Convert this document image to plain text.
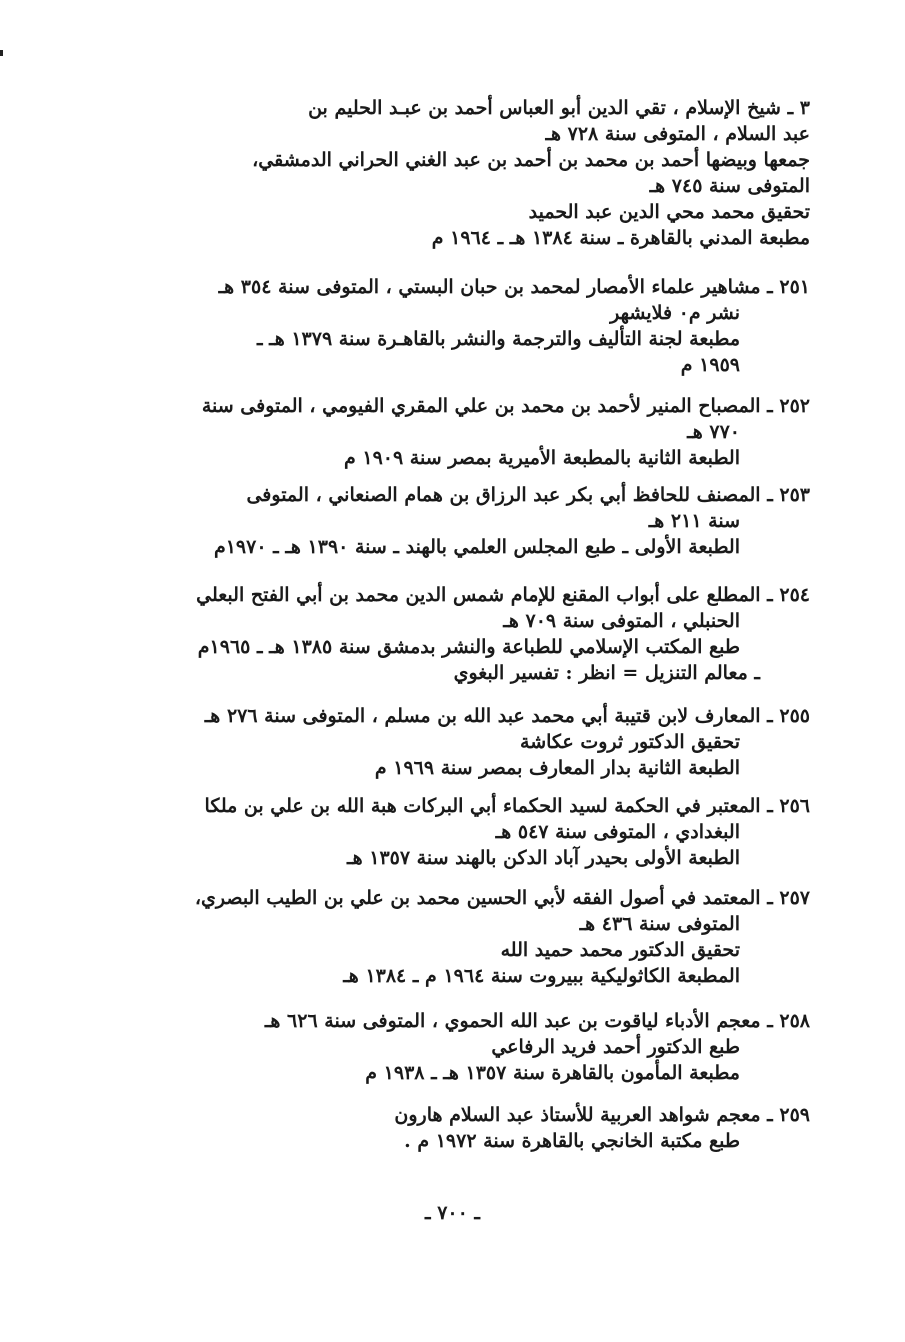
٣ ـ شيخ الإسلام ، تقي الدين أبو العباس أحمد بن عبـد الحليم بن
عبد السلام ، المتوفى سنة ٧٢٨ هـ
جمعها وبيضها أحمد بن محمد بن أحمد بن عبد الغني الحراني الدمشقي،
المتوفى سنة ٧٤٥ هـ
تحقيق محمد محي الدين عبد الحميد
مطبعة المدني بالقاهرة ـ سنة ١٣٨٤ هـ ـ ١٩٦٤ م
٢٥١ ـ مشاهير علماء الأمصار لمحمد بن حبان البستي ، المتوفى سنة ٣٥٤ هـ
نشر م٠ فلايشهر
مطبعة لجنة التأليف والترجمة والنشر بالقاهـرة سنة ١٣٧٩ هـ ـ
١٩٥٩ م
٢٥٢ ـ المصباح المنير لأحمد بن محمد بن علي المقري الفيومي ، المتوفى سنة
٧٧٠ هـ
الطبعة الثانية بالمطبعة الأميرية بمصر سنة ١٩٠٩ م
٢٥٣ ـ المصنف للحافظ أبي بكر عبد الرزاق بن همام الصنعاني ، المتوفى
سنة ٢١١ هـ
الطبعة الأولى ـ طبع المجلس العلمي بالهند ـ سنة ١٣٩٠ هـ ـ ١٩٧٠م
٢٥٤ ـ المطلع على أبواب المقنع للإمام شمس الدين محمد بن أبي الفتح البعلي
الحنبلي ، المتوفى سنة ٧٠٩ هـ
طبع المكتب الإسلامي للطباعة والنشر بدمشق سنة ١٣٨٥ هـ ـ ١٩٦٥م
ـ معالم التنزيل = انظر : تفسير البغوي
٢٥٥ ـ المعارف لابن قتيبة أبي محمد عبد الله بن مسلم ، المتوفى سنة ٢٧٦ هـ
تحقيق الدكتور ثروت عكاشة
الطبعة الثانية بدار المعارف بمصر سنة ١٩٦٩ م
٢٥٦ ـ المعتبر في الحكمة لسيد الحكماء أبي البركات هبة الله بن علي بن ملكا
البغدادي ، المتوفى سنة ٥٤٧ هـ
الطبعة الأولى بحيدر آباد الدكن بالهند سنة ١٣٥٧ هـ
٢٥٧ ـ المعتمد في أصول الفقه لأبي الحسين محمد بن علي بن الطيب البصري،
المتوفى سنة ٤٣٦ هـ
تحقيق الدكتور محمد حميد الله
المطبعة الكاثوليكية ببيروت سنة ١٩٦٤ م ـ ١٣٨٤ هـ
٢٥٨ ـ معجم الأدباء لياقوت بن عبد الله الحموي ، المتوفى سنة ٦٢٦ هـ
طبع الدكتور أحمد فريد الرفاعي
مطبعة المأمون بالقاهرة سنة ١٣٥٧ هـ ـ ١٩٣٨ م
٢٥٩ ـ معجم شواهد العربية للأستاذ عبد السلام هارون
طبع مكتبة الخانجي بالقاهرة سنة ١٩٧٢ م .
ـ ٧٠٠ ـ
